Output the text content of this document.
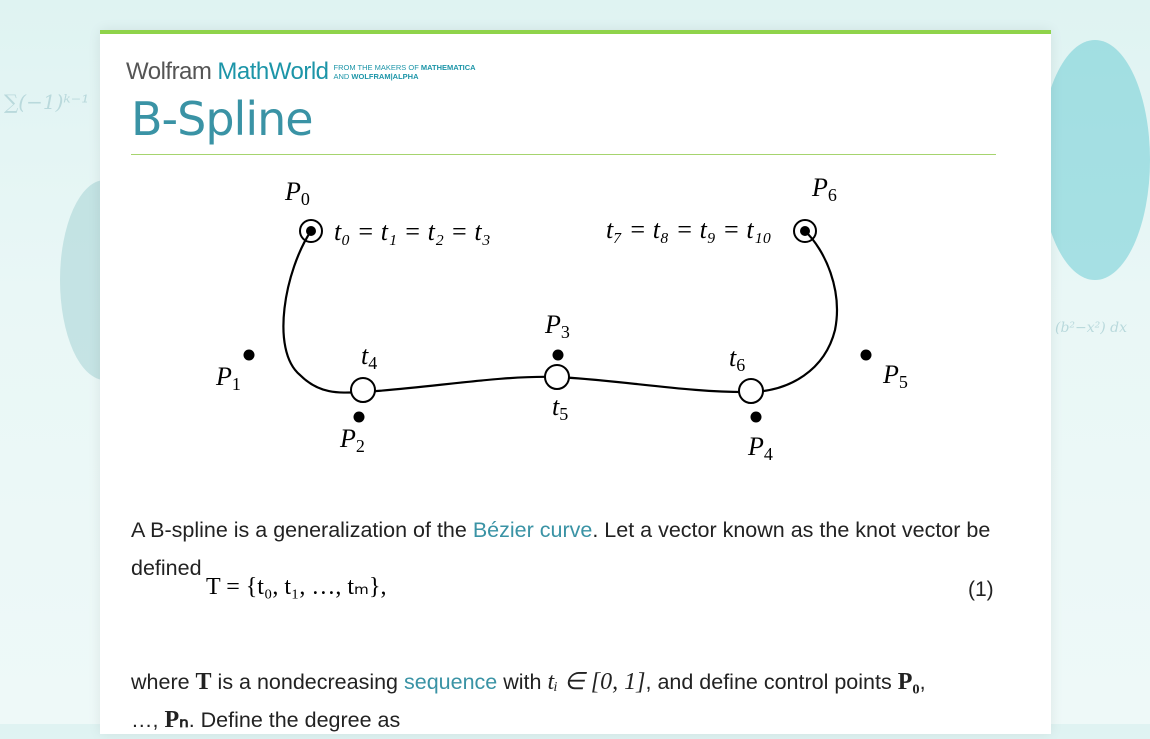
∑(−1)ᵏ⁻¹
(b²−x²) dx
Wolfram MathWorld FROM THE MAKERS OF MATHEMATICA
AND WOLFRAM|ALPHA
B-Spline
P0
P1
P2
P3
P4
P5
P6
t4
t5
t6
t₀ = t₁ = t₂ = t₃	t₇ = t₈ = t₉ = t₁₀
A B-spline is a generalization of the Bézier curve. Let a vector known as the knot vector be defined
T = {t₀, t₁, …, tₘ},	(1)
where T is a nondecreasing sequence with tᵢ ∈ [0, 1], and define control points P₀,
…, Pₙ. Define the degree as
